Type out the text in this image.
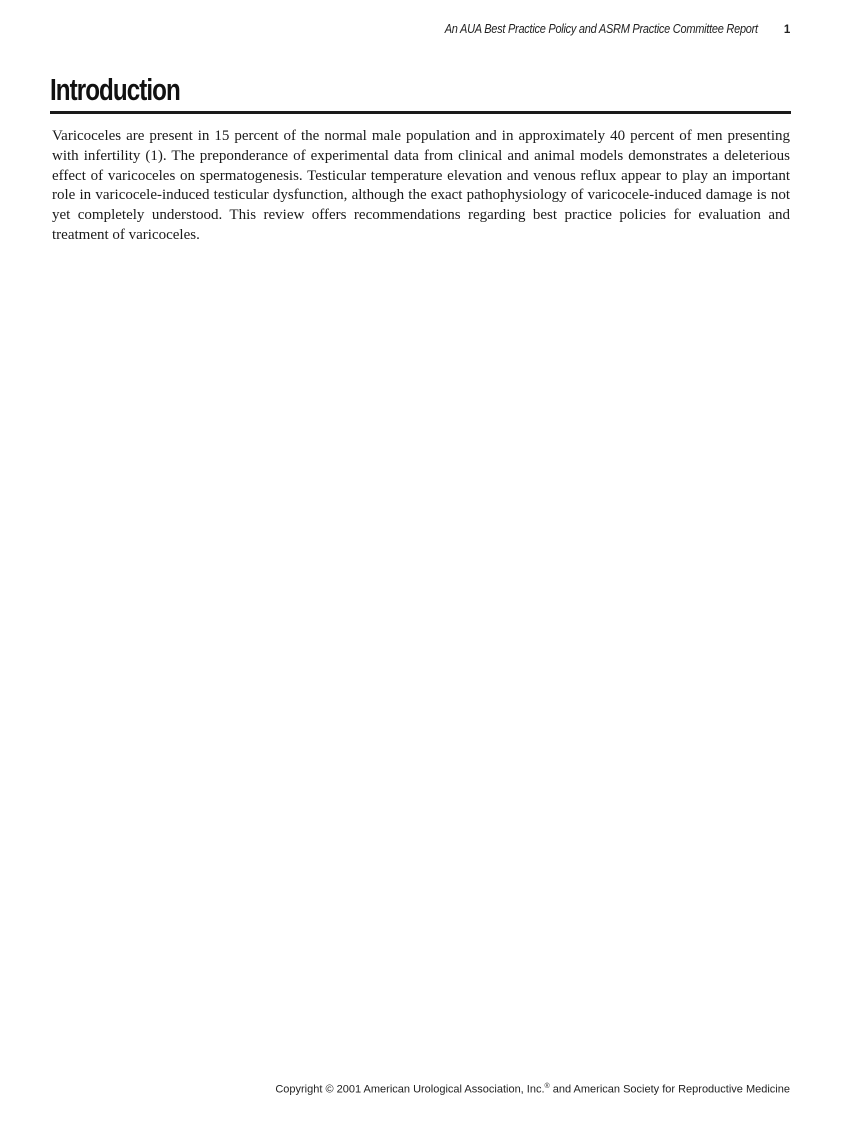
An AUA Best Practice Policy and ASRM Practice Committee Report 1
Introduction

Varicoceles are present in 15 percent of the normal male population and in approximately 40 percent of men presenting with infertility (1). The preponderance of experimental data from clinical and animal models demonstrates a deleterious effect of varicoceles on spermatogenesis. Testicular temperature elevation and venous reflux appear to play an important role in varicocele-induced testicular dysfunction, although the exact pathophysiology of varicocele-induced damage is not yet completely understood. This review offers recommendations regarding best practice policies for evaluation and treatment of varicoceles.

Copyright © 2001 American Urological Association, Inc.® and American Society for Reproductive Medicine
